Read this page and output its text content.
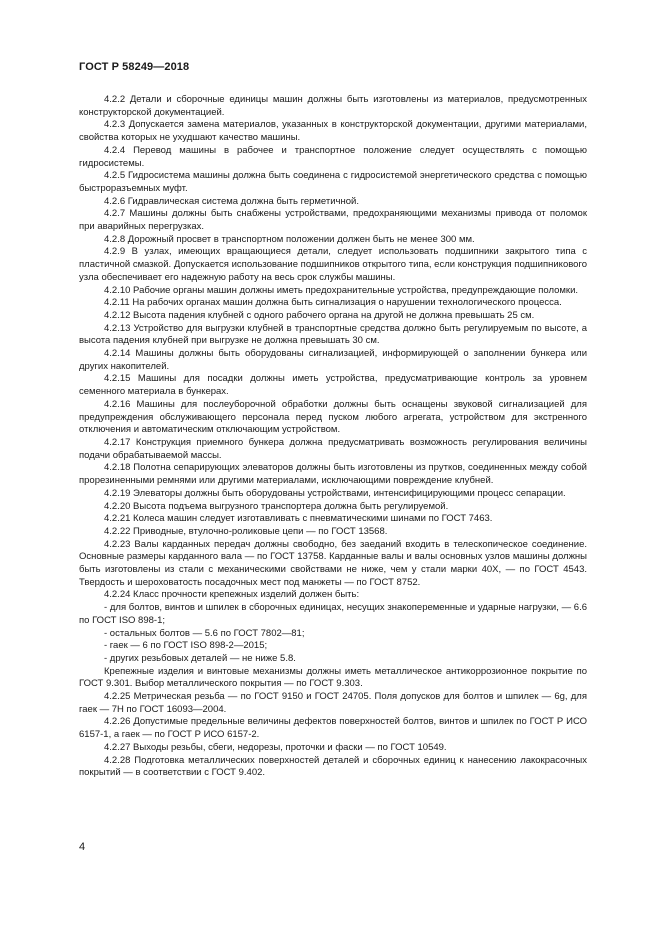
ГОСТ Р 58249—2018

4.2.2 Детали и сборочные единицы машин должны быть изготовлены из материалов, предусмотренных конструкторской документацией.

4.2.3 Допускается замена материалов, указанных в конструкторской документации, другими материалами, свойства которых не ухудшают качество машины.

4.2.4 Перевод машины в рабочее и транспортное положение следует осуществлять с помощью гидросистемы.

4.2.5 Гидросистема машины должна быть соединена с гидросистемой энергетического средства с помощью быстроразъемных муфт.

4.2.6 Гидравлическая система должна быть герметичной.

4.2.7 Машины должны быть снабжены устройствами, предохраняющими механизмы привода от поломок при аварийных перегрузках.

4.2.8 Дорожный просвет в транспортном положении должен быть не менее 300 мм.

4.2.9 В узлах, имеющих вращающиеся детали, следует использовать подшипники закрытого типа с пластичной смазкой. Допускается использование подшипников открытого типа, если конструкция подшипникового узла обеспечивает его надежную работу на весь срок службы машины.

4.2.10 Рабочие органы машин должны иметь предохранительные устройства, предупреждающие поломки.

4.2.11 На рабочих органах машин должна быть сигнализация о нарушении технологического процесса.

4.2.12 Высота падения клубней с одного рабочего органа на другой не должна превышать 25 см.

4.2.13 Устройство для выгрузки клубней в транспортные средства должно быть регулируемым по высоте, а высота падения клубней при выгрузке не должна превышать 30 см.

4.2.14 Машины должны быть оборудованы сигнализацией, информирующей о заполнении бункера или других накопителей.

4.2.15 Машины для посадки должны иметь устройства, предусматривающие контроль за уровнем семенного материала в бункерах.

4.2.16 Машины для послеуборочной обработки должны быть оснащены звуковой сигнализацией для предупреждения обслуживающего персонала перед пуском любого агрегата, устройством для экстренного отключения и автоматическим отключающим устройством.

4.2.17 Конструкция приемного бункера должна предусматривать возможность регулирования величины подачи обрабатываемой массы.

4.2.18 Полотна сепарирующих элеваторов должны быть изготовлены из прутков, соединенных между собой прорезиненными ремнями или другими материалами, исключающими повреждение клубней.

4.2.19 Элеваторы должны быть оборудованы устройствами, интенсифицирующими процесс сепарации.

4.2.20 Высота подъема выгрузного транспортера должна быть регулируемой.

4.2.21 Колеса машин следует изготавливать с пневматическими шинами по ГОСТ 7463.

4.2.22 Приводные, втулочно-роликовые цепи — по ГОСТ 13568.

4.2.23 Валы карданных передач должны свободно, без заеданий входить в телескопическое соединение. Основные размеры карданного вала — по ГОСТ 13758. Карданные валы и валы основных узлов машины должны быть изготовлены из стали с механическими свойствами не ниже, чем у стали марки 40Х, — по ГОСТ 4543. Твердость и шероховатость посадочных мест под манжеты — по ГОСТ 8752.

4.2.24 Класс прочности крепежных изделий должен быть:

- для болтов, винтов и шпилек в сборочных единицах, несущих знакопеременные и ударные нагрузки, — 6.6 по ГОСТ ISO 898-1;

- остальных болтов — 5.6 по ГОСТ 7802—81;

- гаек — 6 по ГОСТ ISO 898-2—2015;

- других резьбовых деталей — не ниже 5.8.

Крепежные изделия и винтовые механизмы должны иметь металлическое антикоррозионное покрытие по ГОСТ 9.301. Выбор металлического покрытия — по ГОСТ 9.303.

4.2.25 Метрическая резьба — по ГОСТ 9150 и ГОСТ 24705. Поля допусков для болтов и шпилек — 6g, для гаек — 7Н по ГОСТ 16093—2004.

4.2.26 Допустимые предельные величины дефектов поверхностей болтов, винтов и шпилек по ГОСТ Р ИСО 6157-1, а гаек — по ГОСТ Р ИСО 6157-2.

4.2.27 Выходы резьбы, сбеги, недорезы, проточки и фаски — по ГОСТ 10549.

4.2.28 Подготовка металлических поверхностей деталей и сборочных единиц к нанесению лакокрасочных покрытий — в соответствии с ГОСТ 9.402.

4
